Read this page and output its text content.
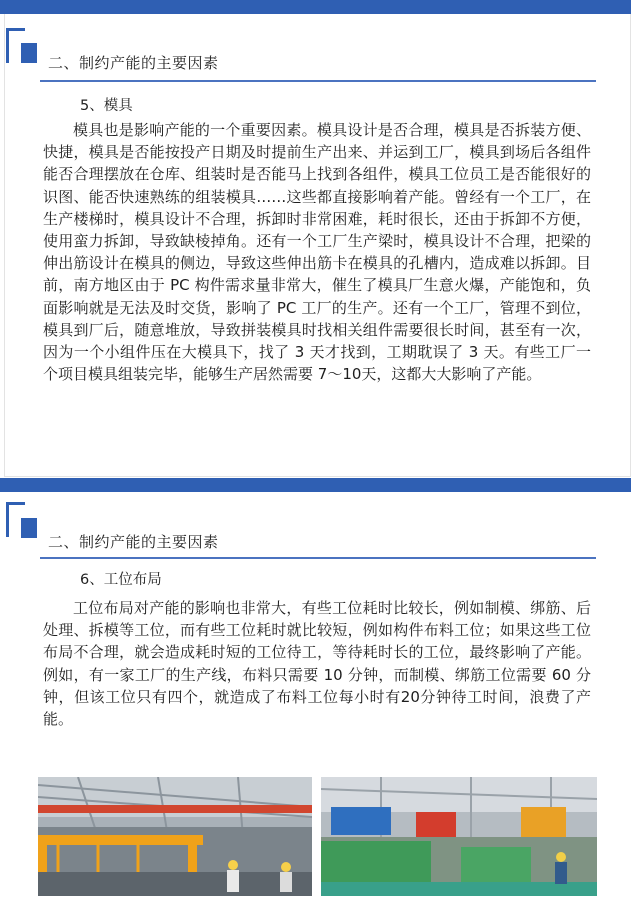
二、制约产能的主要因素
5、模具
模具也是影响产能的一个重要因素。模具设计是否合理，模具是否拆装方便、快捷，模具是否能按投产日期及时提前生产出来、并运到工厂，模具到场后各组件能否合理摆放在仓库、组装时是否能马上找到各组件，模具工位员工是否能很好的识图、能否快速熟练的组装模具……这些都直接影响着产能。曾经有一个工厂，在生产楼梯时，模具设计不合理，拆卸时非常困难，耗时很长，还由于拆卸不方便，使用蛮力拆卸，导致缺棱掉角。还有一个工厂生产梁时，模具设计不合理，把梁的伸出筋设计在模具的侧边，导致这些伸出筋卡在模具的孔槽内，造成难以拆卸。目前，南方地区由于 PC 构件需求量非常大，催生了模具厂生意火爆，产能饱和，负面影响就是无法及时交货，影响了 PC 工厂的生产。还有一个工厂，管理不到位，模具到厂后，随意堆放，导致拼装模具时找相关组件需要很长时间，甚至有一次，因为一个小组件压在大模具下，找了 3 天才找到，工期耽误了 3 天。有些工厂一个项目模具组装完毕，能够生产居然需要 7～10天，这都大大影响了产能。
二、制约产能的主要因素
6、工位布局
工位布局对产能的影响也非常大，有些工位耗时比较长，例如制模、绑筋、后处理、拆模等工位，而有些工位耗时就比较短，例如构件布料工位；如果这些工位布局不合理，就会造成耗时短的工位待工，等待耗时长的工位，最终影响了产能。例如，有一家工厂的生产线，布料只需要 10 分钟，而制模、绑筋工位需要 60 分钟，但该工位只有四个，就造成了布料工位每小时有20分钟待工时间，浪费了产能。
